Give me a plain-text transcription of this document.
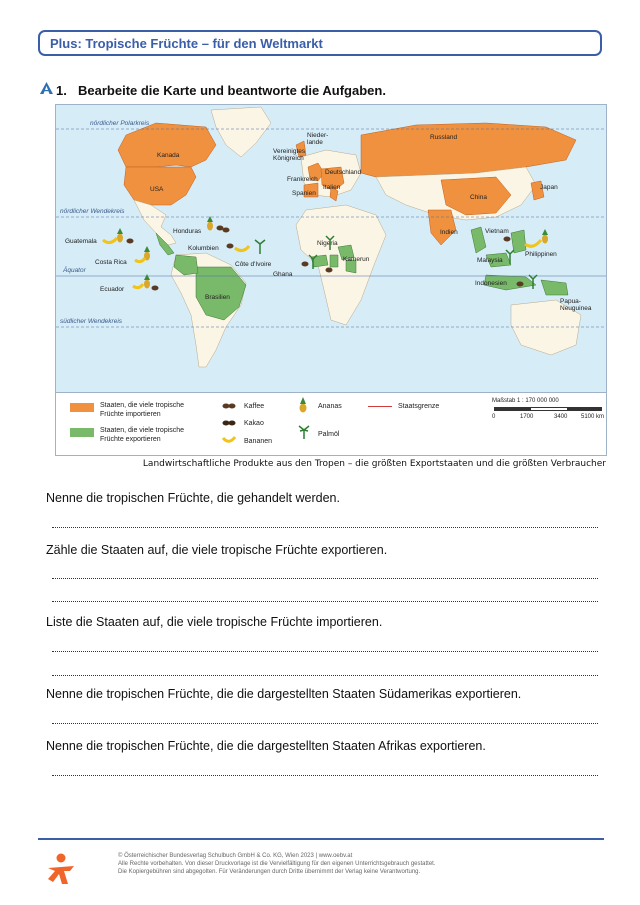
Plus: Tropische Früchte – für den Weltmarkt
1. Bearbeite die Karte und beantworte die Aufgaben.
nördlicher Polarkreis
nördlicher Wendekreis
Äquator
südlicher Wendekreis
Kanada
USA
Russland
Nieder-
lande
Vereinigtes
Königreich
Deutschland
Frankreich
Italien
Spanien
China
Japan
Indien
Honduras
Guatemala
Kolumbien
Costa Rica
Ecuador
Brasilien
Côte d'Ivoire
Ghana
Nigeria
Kamerun
Vietnam
Malaysia
Philippinen
Indonesien
Papua-
Neuguinea
Staaten, die viele tropische
Früchte importieren
Staaten, die viele tropische
Früchte exportieren
Kaffee
Kakao
Bananen
Ananas
Palmöl
Staatsgrenze
Maßstab 1 : 170 000 000
0	1700	3400 5100 km
Landwirtschaftliche Produkte aus den Tropen – die größten Exportstaaten und die größten Verbraucher
Nenne die tropischen Früchte, die gehandelt werden.
Zähle die Staaten auf, die viele tropische Früchte exportieren.
Liste die Staaten auf, die viele tropische Früchte importieren.
Nenne die tropischen Früchte, die die dargestellten Staaten Südamerikas exportieren.
Nenne die tropischen Früchte, die die dargestellten Staaten Afrikas exportieren.
© Österreichischer Bundesverlag Schulbuch GmbH & Co. KG, Wien 2023 | www.oebv.at
Alle Rechte vorbehalten. Von dieser Druckvorlage ist die Vervielfältigung für den eigenen Unterrichtsgebrauch gestattet.
Die Kopiergebühren sind abgegolten. Für Veränderungen durch Dritte übernimmt der Verlag keine Verantwortung.
